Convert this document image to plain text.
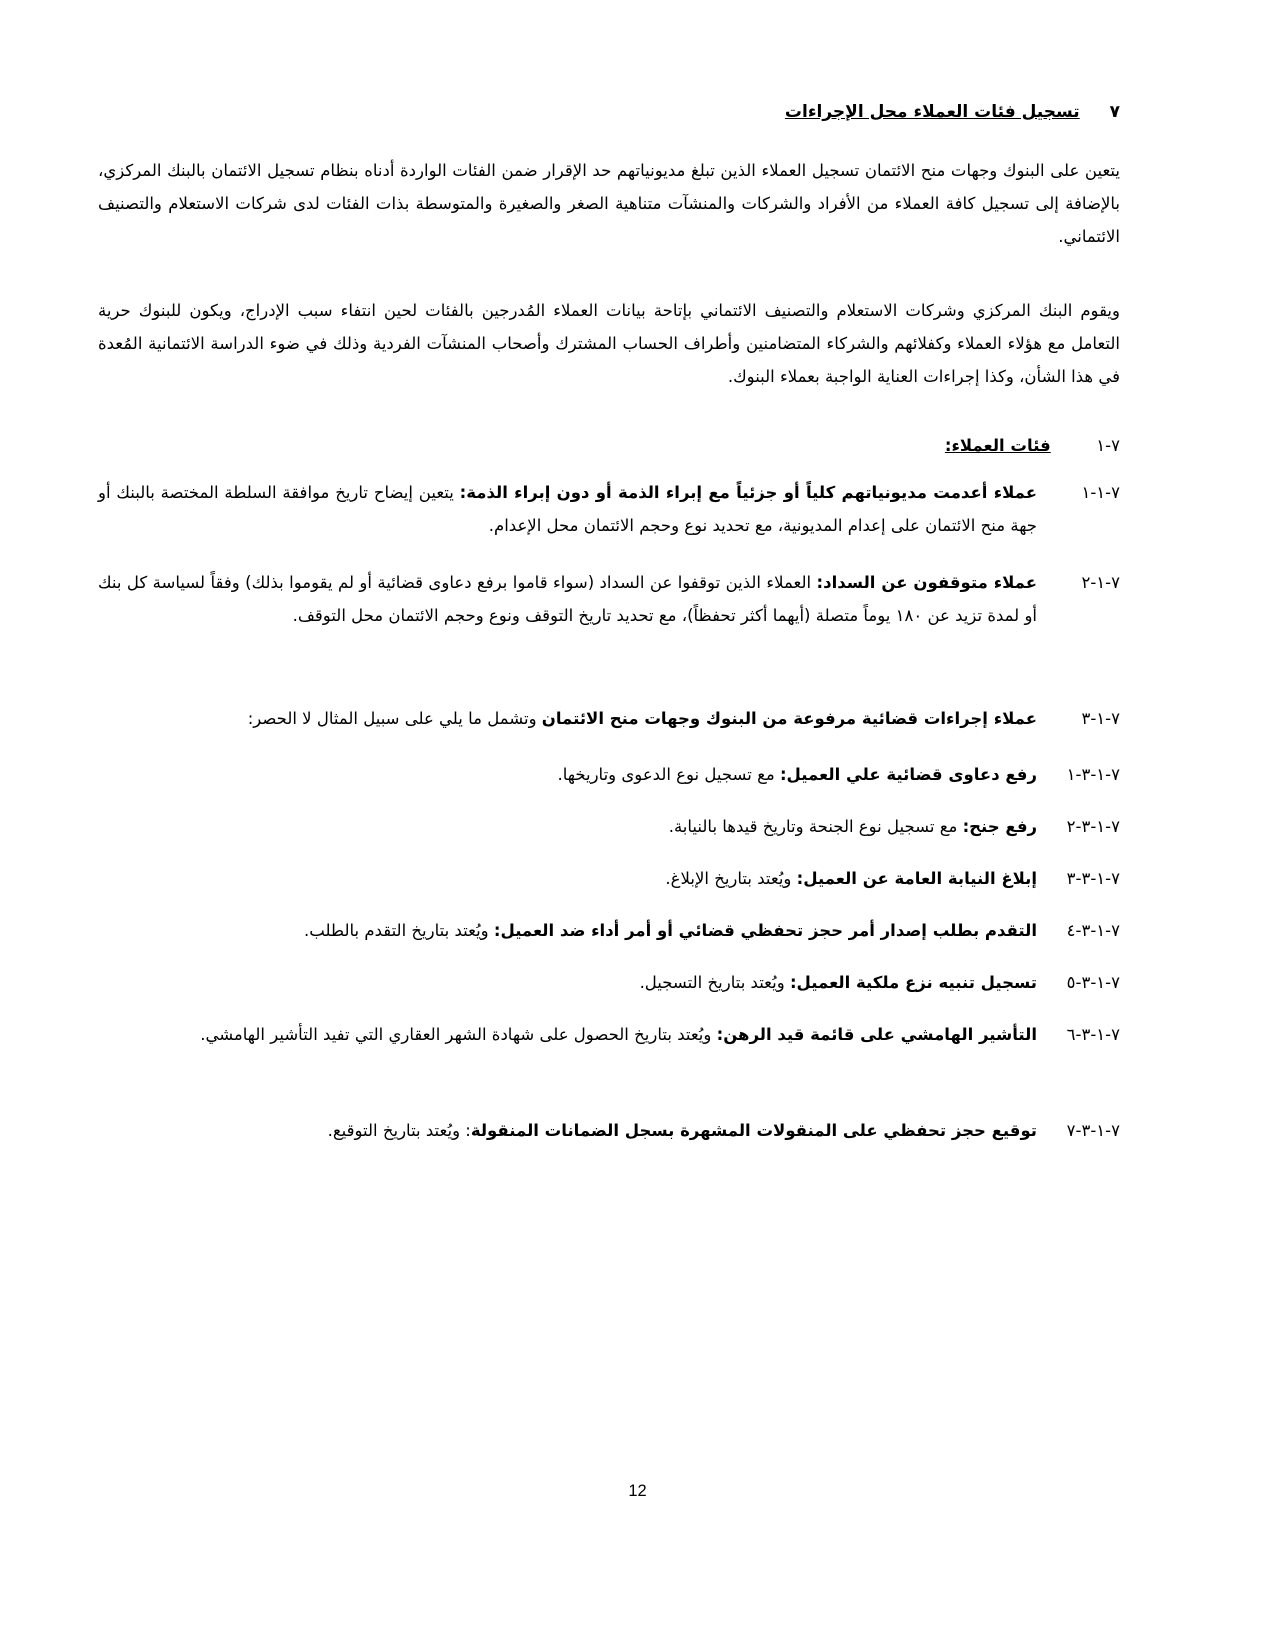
٧ تسجيل فئات العملاء محل الإجراءات
يتعين على البنوك وجهات منح الائتمان تسجيل العملاء الذين تبلغ مديونياتهم حد الإقرار ضمن الفئات الواردة أدناه بنظام تسجيل الائتمان بالبنك المركزي، بالإضافة إلى تسجيل كافة العملاء من الأفراد والشركات والمنشآت متناهية الصغر والصغيرة والمتوسطة بذات الفئات لدى شركات الاستعلام والتصنيف الائتماني.
ويقوم البنك المركزي وشركات الاستعلام والتصنيف الائتماني بإتاحة بيانات العملاء المُدرجين بالفئات لحين انتفاء سبب الإدراج، ويكون للبنوك حرية التعامل مع هؤلاء العملاء وكفلائهم والشركاء المتضامنين وأطراف الحساب المشترك وأصحاب المنشآت الفردية وذلك في ضوء الدراسة الائتمانية المُعدة في هذا الشأن، وكذا إجراءات العناية الواجبة بعملاء البنوك.
٧-١ فئات العملاء:
٧-١-١
عملاء أعدمت مديونياتهم كلياً أو جزئياً مع إبراء الذمة أو دون إبراء الذمة: يتعين إيضاح تاريخ موافقة السلطة المختصة بالبنك أو جهة منح الائتمان على إعدام المديونية، مع تحديد نوع وحجم الائتمان محل الإعدام.
٧-١-٢
عملاء متوقفون عن السداد: العملاء الذين توقفوا عن السداد (سواء قاموا برفع دعاوى قضائية أو لم يقوموا بذلك) وفقاً لسياسة كل بنك أو لمدة تزيد عن ١٨٠ يوماً متصلة (أيهما أكثر تحفظاً)، مع تحديد تاريخ التوقف ونوع وحجم الائتمان محل التوقف.
٧-١-٣
عملاء إجراءات قضائية مرفوعة من البنوك وجهات منح الائتمان وتشمل ما يلي على سبيل المثال لا الحصر:
٧-١-٣-١
رفع دعاوى قضائية علي العميل: مع تسجيل نوع الدعوى وتاريخها.
٧-١-٣-٢
رفع جنح: مع تسجيل نوع الجنحة وتاريخ قيدها بالنيابة.
٧-١-٣-٣
إبلاغ النيابة العامة عن العميل: ويُعتد بتاريخ الإبلاغ.
٧-١-٣-٤
التقدم بطلب إصدار أمر حجز تحفظي قضائي أو أمر أداء ضد العميل: ويُعتد بتاريخ التقدم بالطلب.
٧-١-٣-٥
تسجيل تنبيه نزع ملكية العميل: ويُعتد بتاريخ التسجيل.
٧-١-٣-٦
التأشير الهامشي على قائمة قيد الرهن: ويُعتد بتاريخ الحصول على شهادة الشهر العقاري التي تفيد التأشير الهامشي.
٧-١-٣-٧
توقيع حجز تحفظي على المنقولات المشهرة بسجل الضمانات المنقولة: ويُعتد بتاريخ التوقيع.
12
